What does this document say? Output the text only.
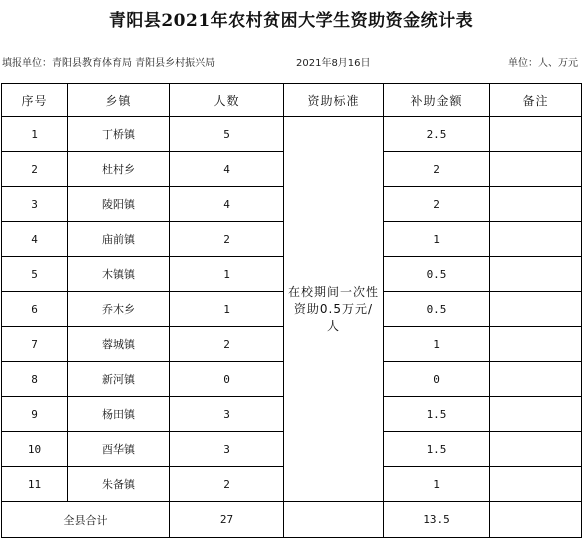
青阳县2021年农村贫困大学生资助资金统计表
填报单位：青阳县教育体育局 青阳县乡村振兴局	2021年8月16日	单位：人、万元
序号	乡镇	人数	资助标准	补助金额	备注
1	丁桥镇	5	在校期间一次性资助0.5万元/人	2.5	
2	杜村乡	4		2	
3	陵阳镇	4		2	
4	庙前镇	2		1	
5	木镇镇	1		0.5	
6	乔木乡	1		0.5	
7	蓉城镇	2		1	
8	新河镇	0		0	
9	杨田镇	3		1.5	
10	酉华镇	3		1.5	
11	朱备镇	2		1	
全县合计		27		13.5	
